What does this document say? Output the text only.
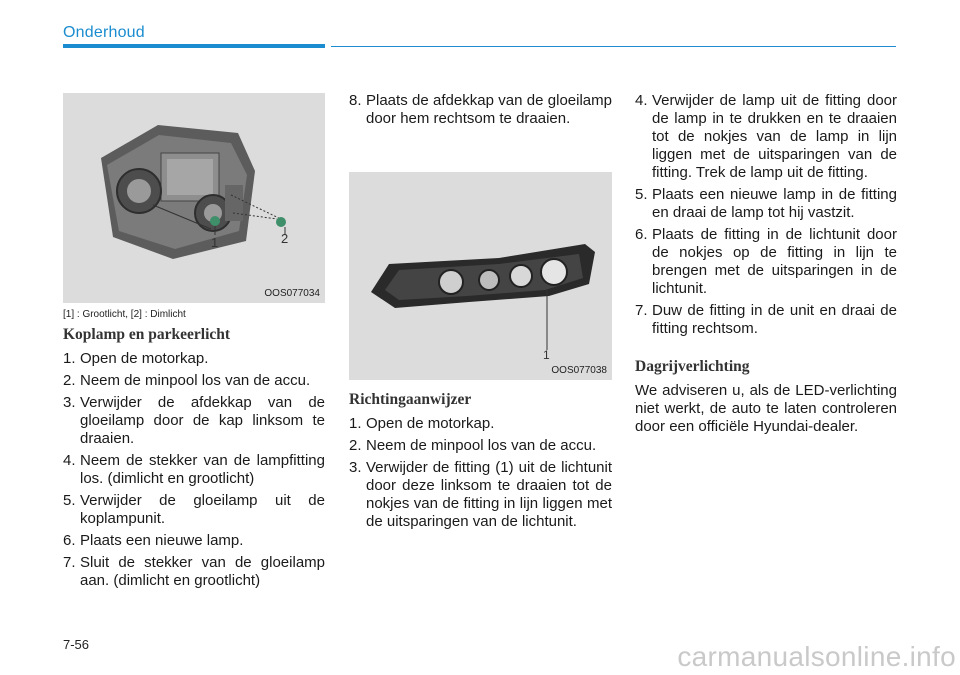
Onderhoud
1	2
OOS077034
[1] : Grootlicht, [2] : Dimlicht
1
OOS077038
Koplamp en parkeerlicht

1. Open de motorkap.

2. Neem de minpool los van de accu.

3. Verwijder de afdekkap van de gloeilamp door de kap linksom te draaien.

4. Neem de stekker van de lampfitting los. (dimlicht en grootlicht)

5. Verwijder de gloeilamp uit de koplampunit.

6. Plaats een nieuwe lamp.

7. Sluit de stekker van de gloeilamp aan. (dimlicht en grootlicht)

8. Plaats de afdekkap van de gloeilamp door hem rechtsom te draaien.

Richtingaanwijzer

1. Open de motorkap.

2. Neem de minpool los van de accu.

3. Verwijder de fitting (1) uit de lichtunit door deze linksom te draaien tot de nokjes van de fitting in lijn liggen met de uitsparingen van de lichtunit.

4. Verwijder de lamp uit de fitting door de lamp in te drukken en te draaien tot de nokjes van de lamp in lijn liggen met de uitsparingen van de fitting. Trek de lamp uit de fitting.

5. Plaats een nieuwe lamp in de fitting en draai de lamp tot hij vastzit.

6. Plaats de fitting in de lichtunit door de nokjes op de fitting in lijn te brengen met de uitsparingen in de lichtunit.

7. Duw de fitting in de unit en draai de fitting rechtsom.

Dagrijverlichting

We adviseren u, als de LED-verlichting niet werkt, de auto te laten controleren door een officiële Hyundai-dealer.

7-56	carmanualsonline.info
